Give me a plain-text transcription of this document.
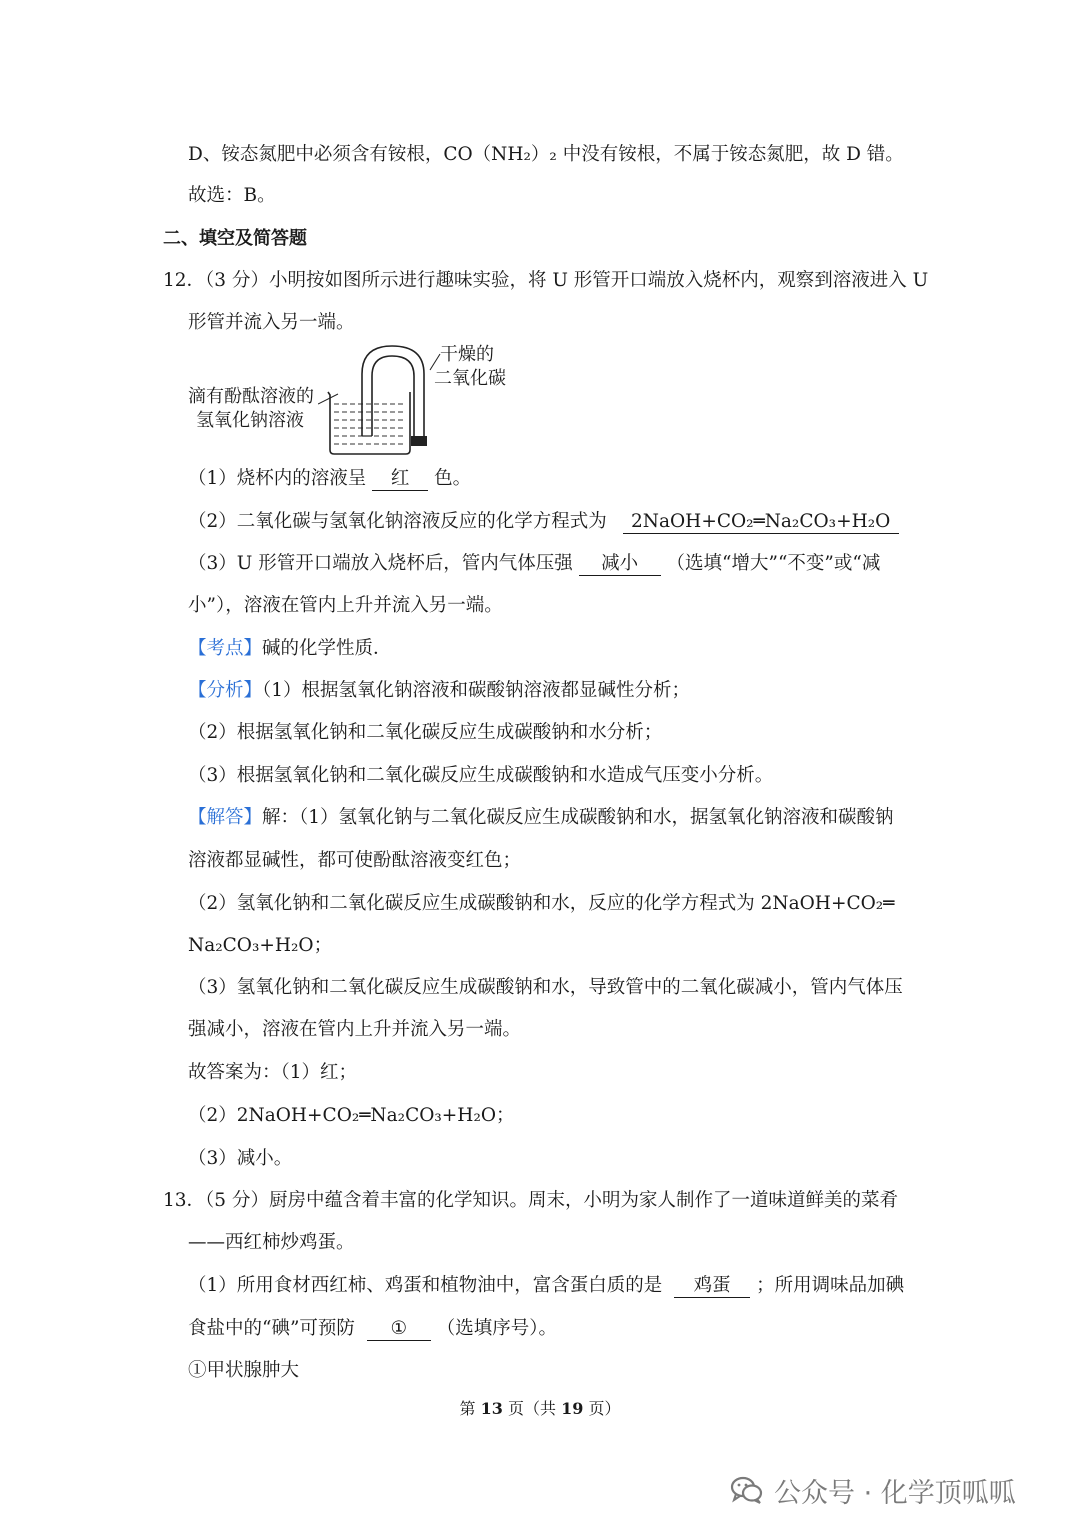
D、铵态氮肥中必须含有铵根，CO（NH₂）₂ 中没有铵根，不属于铵态氮肥，故 D 错。
故选：B。
二、填空及简答题
12．（3 分）小明按如图所示进行趣味实验，将 U 形管开口端放入烧杯内，观察到溶液进入 U
形管并流入另一端。
干燥的
二氧化碳
滴有酚酞溶液的
氢氧化钠溶液
（1）烧杯内的溶液呈 红 色。
（2）二氧化碳与氢氧化钠溶液反应的化学方程式为 2NaOH+CO₂═Na₂CO₃+H₂O
（3）U 形管开口端放入烧杯后，管内气体压强 减小 （选填“增大”“不变”或“减
小”），溶液在管内上升并流入另一端。
【考点】碱的化学性质．
【分析】（1）根据氢氧化钠溶液和碳酸钠溶液都显碱性分析；
（2）根据氢氧化钠和二氧化碳反应生成碳酸钠和水分析；
（3）根据氢氧化钠和二氧化碳反应生成碳酸钠和水造成气压变小分析。
【解答】解：（1）氢氧化钠与二氧化碳反应生成碳酸钠和水，据氢氧化钠溶液和碳酸钠
溶液都显碱性，都可使酚酞溶液变红色；
（2）氢氧化钠和二氧化碳反应生成碳酸钠和水，反应的化学方程式为 2NaOH+CO₂═
Na₂CO₃+H₂O；
（3）氢氧化钠和二氧化碳反应生成碳酸钠和水，导致管中的二氧化碳减小，管内气体压
强减小，溶液在管内上升并流入另一端。
故答案为：（1）红；
（2）2NaOH+CO₂═Na₂CO₃+H₂O；
（3）减小。
13．（5 分）厨房中蕴含着丰富的化学知识。周末，小明为家人制作了一道味道鲜美的菜肴
——西红柿炒鸡蛋。
（1）所用食材西红柿、鸡蛋和植物油中，富含蛋白质的是 鸡蛋 ；所用调味品加碘
食盐中的“碘”可预防 ① （选填序号）。
①甲状腺肿大
第 13 页（共 19 页）
公众号 · 化学顶呱呱
